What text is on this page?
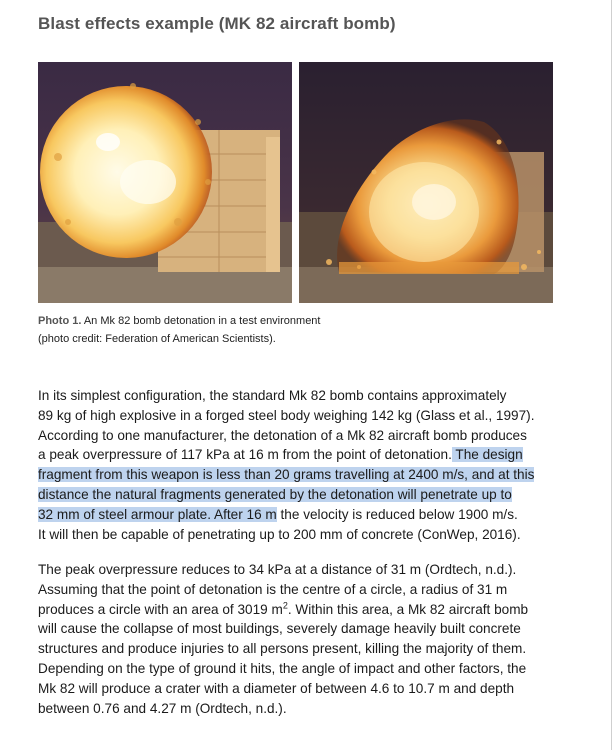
Blast effects example (MK 82 aircraft bomb)
Photo 1. An Mk 82 bomb detonation in a test environment
(photo credit: Federation of American Scientists).
In its simplest configuration, the standard Mk 82 bomb contains approximately
89 kg of high explosive in a forged steel body weighing 142 kg (Glass et al., 1997).
According to one manufacturer, the detonation of a Mk 82 aircraft bomb produces
a peak overpressure of 117 kPa at 16 m from the point of detonation. The design
fragment from this weapon is less than 20 grams travelling at 2400 m/s, and at this
distance the natural fragments generated by the detonation will penetrate up to
32 mm of steel armour plate. After 16 m the velocity is reduced below 1900 m/s.
It will then be capable of penetrating up to 200 mm of concrete (ConWep, 2016).
The peak overpressure reduces to 34 kPa at a distance of 31 m (Ordtech, n.d.).
Assuming that the point of detonation is the centre of a circle, a radius of 31 m
produces a circle with an area of 3019 $m^2$. Within this area, a Mk 82 aircraft bomb
will cause the collapse of most buildings, severely damage heavily built concrete
structures and produce injuries to all persons present, killing the majority of them.
Depending on the type of ground it hits, the angle of impact and other factors, the
Mk 82 will produce a crater with a diameter of between 4.6 to 10.7 m and depth
between 0.76 and 4.27 m (Ordtech, n.d.).
